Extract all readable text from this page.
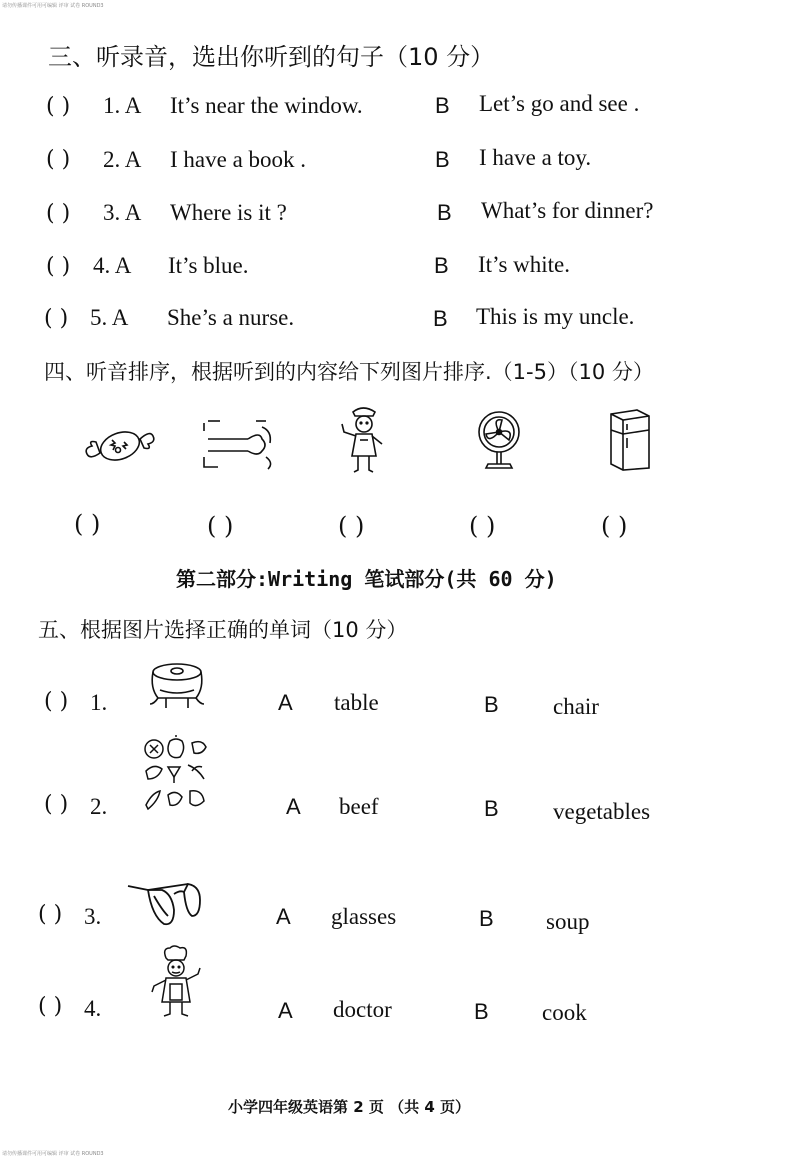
请勿传播课件可用可编辑 评审 试卷 ROUND3
三、听录音，选出你听到的句子（10 分）
( ) 1. A It’s near the window.	B Let’s go and see .
( ) 2. A I have a book .	B I have a toy.
( ) 3. A Where is it ?	B What’s for dinner?
( ) 4. A It’s blue.	B It’s white.
( ) 5. A She’s a nurse.	B This is my uncle.
四、听音排序，根据听到的内容给下列图片排序.（1-5）（10 分）
( )	( )	( )	( )	( )
第二部分:Writing 笔试部分(共 60 分)
五、根据图片选择正确的单词（10 分）
( ) 1.	A table	B chair
( ) 2.	A beef	B vegetables
( ) 3.	A glasses	B soup
( ) 4.	A doctor	B cook
小学四年级英语第 2 页 （共 4 页）
请勿传播课件可用可编辑 评审 试卷 ROUND3
